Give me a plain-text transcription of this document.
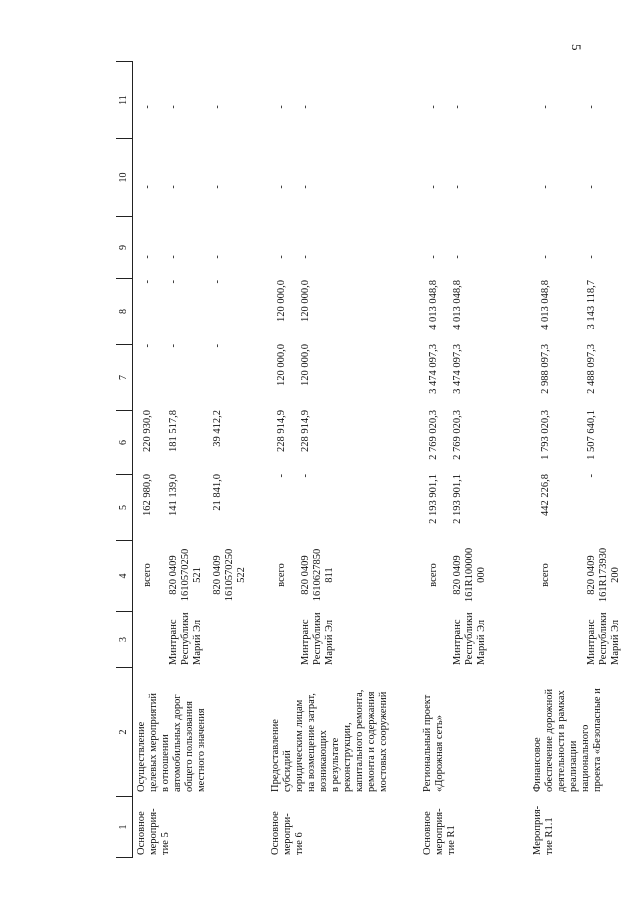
5
1
2
3
4
5
6
7
8
9
10
11
Основное
мероприя-
тие 5
Осуществление
целевых мероприятий
в отношении
автомобильных дорог
общего пользования
местного значения
всего
162 980,0
220 930,0
-
-
-
-
-
Минтранс
Республики
Марий Эл
820 0409
1610570250
521
141 139,0
181 517,8
-
-
-
-
-
820 0409
1610570250
522
21 841,0
39 412,2
-
-
-
-
-
Основное
меропри-
тие 6
Предоставление
субсидий
юридическим лицам
на возмещение затрат,
возникающих
в результате
реконструкции,
капитального ремонта,
ремонта и содержания
мостовых сооружений
всего
-
228 914,9
120 000,0
120 000,0
-
-
-
Минтранс
Республики
Марий Эл
820 0409
1610627850
811
-
228 914,9
120 000,0
120 000,0
-
-
-
Основное
мероприя-
тие R1
Региональный проект
«Дорожная сеть»
всего
2 193 901,1
2 769 020,3
3 474 097,3
4 013 048,8
-
-
-
Минтранс
Республики
Марий Эл
820 0409
161R100000
000
2 193 901,1
2 769 020,3
3 474 097,3
4 013 048,8
-
-
-
Мероприя-
тие R1.1
Финансовое
обеспечение дорожной
деятельности в рамках
реализации
национального
проекта «Безопасные и
всего
442 226,8
1 793 020,3
2 988 097,3
4 013 048,8
-
-
-
Минтранс
Республики
Марий Эл
820 0409
161R173930
200
-
1 507 640,1
2 488 097,3
3 143 118,7
-
-
-
